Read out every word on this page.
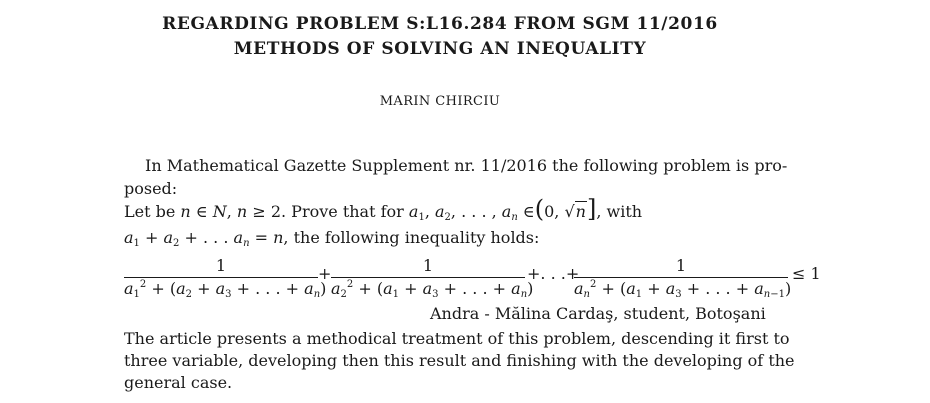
REGARDING PROBLEM S:L16.284 FROM SGM 11/2016
METHODS OF SOLVING AN INEQUALITY
MARIN CHIRCIU
In Mathematical Gazette Supplement nr. 11/2016 the following problem is pro-
posed:
Let be n ∈ N, n ≥ 2. Prove that for $a_1$, $a_2$, . . . , $a_n$ ∈(0, √n], with
$a_1 + a_2$ + . . . $a_n = n$, the following inequality holds:
1
$a_1^2 + (a_2 + a_3$ + . . . + $a_n$)
+	1
$a_2^2 + (a_1 + a_3$ + . . . + $a_n$)
+. . .+	1
$a_n^2 + (a_1 + a_3$ + . . . + $a_{n-1}$)
≤ 1
Andra - Mălina Cardaş, student, Botoşani
The article presents a methodical treatment of this problem, descending it first to
three variable, developing then this result and finishing with the developing of the
general case.
